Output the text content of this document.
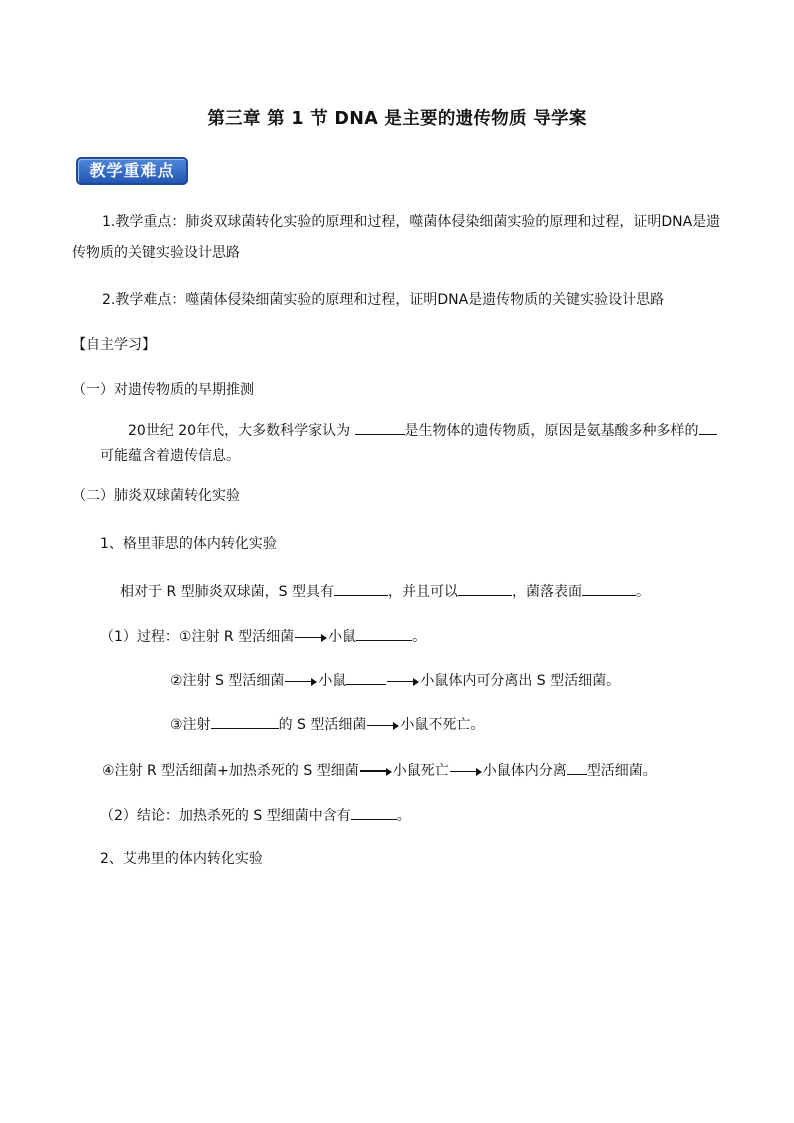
第三章 第 1 节 DNA 是主要的遗传物质 导学案
教学重难点
1.教学重点：肺炎双球菌转化实验的原理和过程，噬菌体侵染细菌实验的原理和过程，证明DNA是遗
传物质的关键实验设计思路
2.教学难点：噬菌体侵染细菌实验的原理和过程，证明DNA是遗传物质的关键实验设计思路
【自主学习】
（一）对遗传物质的早期推测
20世纪 20年代，大多数科学家认为	是生物体的遗传物质，原因是氨基酸多种多样的
可能蕴含着遗传信息。
（二）肺炎双球菌转化实验
1、格里菲思的体内转化实验
相对于 R 型肺炎双球菌，S 型具有	，并且可以	，菌落表面	。
（1）过程：①注射 R 型活细菌 小鼠	。
②注射 S 型活细菌 小鼠	小鼠体内可分离出 S 型活细菌。
③注射	的 S 型活细菌 小鼠不死亡。
④注射 R 型活细菌+加热杀死的 S 型细菌 小鼠死亡 小鼠体内分离 型活细菌。
（2）结论：加热杀死的 S 型细菌中含有	。
2、艾弗里的体内转化实验
